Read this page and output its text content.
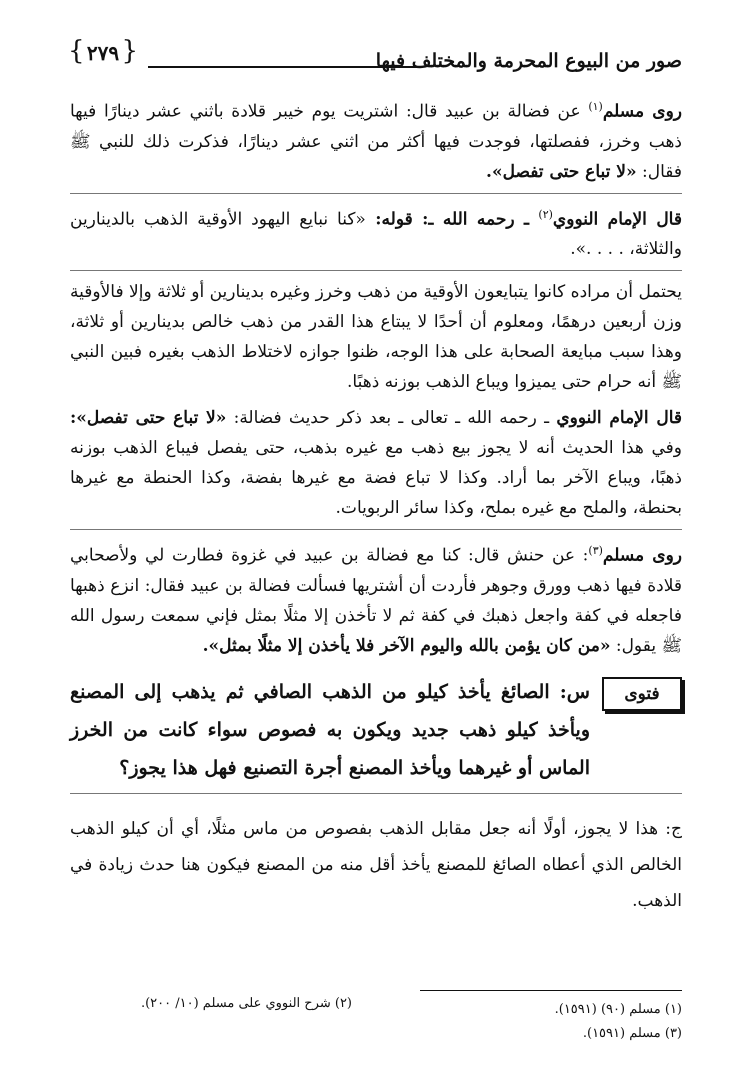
صور من البيوع المحرمة والمختلف فيها
{ ٢٧٩ }

روى مسلم$^{(١)}$ عن فضالة بن عبيد قال: اشتريت يوم خيبر قلادة باثني عشر دينارًا فيها ذهب وخرز، ففصلتها، فوجدت فيها أكثر من اثني عشر دينارًا، فذكرت ذلك للنبي ﷺ فقال: «لا تباع حتى تفصل».

قال الإمام النووي$^{(٢)}$ ـ رحمه الله ـ: قوله: «كنا نبايع اليهود الأوقية الذهب بالدينارين والثلاثة، . . . .».

يحتمل أن مراده كانوا يتبايعون الأوقية من ذهب وخرز وغيره بدينارين أو ثلاثة وإلا فالأوقية وزن أربعين درهمًا، ومعلوم أن أحدًا لا يبتاع هذا القدر من ذهب خالص بدينارين أو ثلاثة، وهذا سبب مبايعة الصحابة على هذا الوجه، ظنوا جوازه لاختلاط الذهب بغيره فبين النبي ﷺ أنه حرام حتى يميزوا ويباع الذهب بوزنه ذهبًا.

قال الإمام النووي ـ رحمه الله ـ تعالى ـ بعد ذكر حديث فضالة: «لا تباع حتى تفصل»: وفي هذا الحديث أنه لا يجوز بيع ذهب مع غيره بذهب، حتى يفصل فيباع الذهب بوزنه ذهبًا، ويباع الآخر بما أراد. وكذا لا تباع فضة مع غيرها بفضة، وكذا الحنطة مع غيرها بحنطة، والملح مع غيره بملح، وكذا سائر الربويات.

روى مسلم$^{(٣)}$: عن حنش قال: كنا مع فضالة بن عبيد في غزوة فطارت لي ولأصحابي قلادة فيها ذهب وورق وجوهر فأردت أن أشتريها فسألت فضالة بن عبيد فقال: انزع ذهبها فاجعله في كفة واجعل ذهبك في كفة ثم لا تأخذن إلا مثلًا بمثل فإني سمعت رسول الله ﷺ يقول: «من كان يؤمن بالله واليوم الآخر فلا يأخذن إلا مثلًا بمثل».

فتوى
س: الصائغ يأخذ كيلو من الذهب الصافي ثم يذهب إلى المصنع ويأخذ كيلو ذهب جديد ويكون به فصوص سواء كانت من الخرز الماس أو غيرهما ويأخذ المصنع أجرة التصنيع فهل هذا يجوز؟

ج: هذا لا يجوز، أولًا أنه جعل مقابل الذهب بفصوص من ماس مثلًا، أي أن كيلو الذهب الخالص الذي أعطاه الصائغ للمصنع يأخذ أقل منه من المصنع فيكون هنا حدث زيادة في الذهب.

(١) مسلم (٩٠) (١٥٩١).
(٣) مسلم (١٥٩١).
(٢) شرح النووي على مسلم (١٠/ ٢٠٠).
